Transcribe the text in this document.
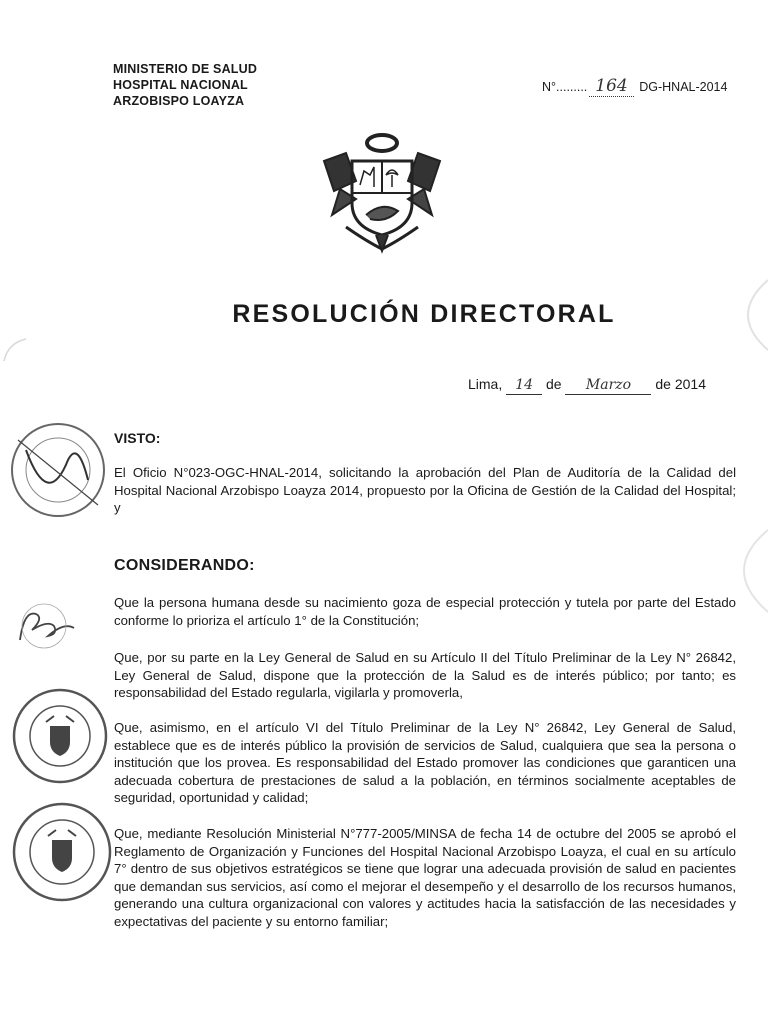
MINISTERIO DE SALUD
HOSPITAL NACIONAL
ARZOBISPO LOAYZA
N°......... 164 DG-HNAL-2014
RESOLUCIÓN DIRECTORAL
Lima, 14 de Marzo de 2014
VISTO:

El Oficio N°023-OGC-HNAL-2014, solicitando la aprobación del Plan de Auditoría de la Calidad del Hospital Nacional Arzobispo Loayza 2014, propuesto por la Oficina de Gestión de la Calidad del Hospital; y

CONSIDERANDO:

Que la persona humana desde su nacimiento goza de especial protección y tutela por parte del Estado conforme lo prioriza el artículo 1° de la Constitución;

Que, por su parte en la Ley General de Salud en su Artículo II del Título Preliminar de la Ley N° 26842, Ley General de Salud, dispone que la protección de la Salud es de interés público; por tanto; es responsabilidad del Estado regularla, vigilarla y promoverla,

Que, asimismo, en el artículo VI del Título Preliminar de la Ley N° 26842, Ley General de Salud, establece que es de interés público la provisión de servicios de Salud, cualquiera que sea la persona o institución que los provea. Es responsabilidad del Estado promover las condiciones que garanticen una adecuada cobertura de prestaciones de salud a la población, en términos socialmente aceptables de seguridad, oportunidad y calidad;

Que, mediante Resolución Ministerial N°777-2005/MINSA de fecha 14 de octubre del 2005 se aprobó el Reglamento de Organización y Funciones del Hospital Nacional Arzobispo Loayza, el cual en su artículo 7° dentro de sus objetivos estratégicos se tiene que lograr una adecuada provisión de salud en pacientes que demandan sus servicios, así como el mejorar el desempeño y el desarrollo de los recursos humanos, generando una cultura organizacional con valores y actitudes hacia la satisfacción de las necesidades y expectativas del paciente y su entorno familiar;
